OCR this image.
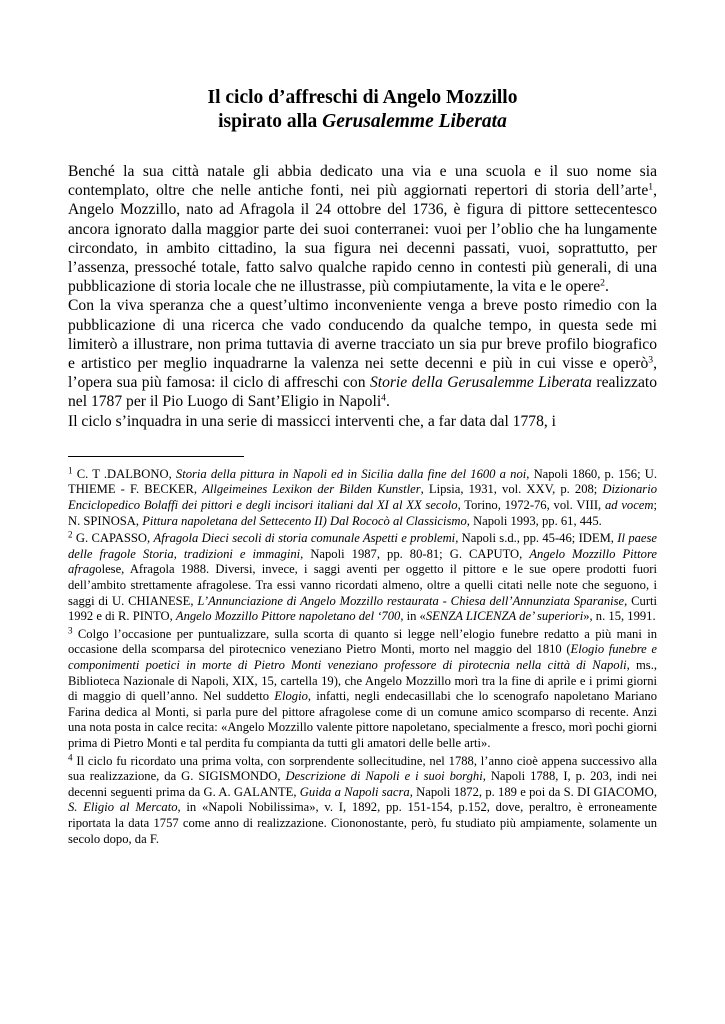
Il ciclo d’affreschi di Angelo Mozzillo
ispirato alla Gerusalemme Liberata

Benché la sua città natale gli abbia dedicato una via e una scuola e il suo nome sia contemplato, oltre che nelle antiche fonti, nei più aggiornati repertori di storia dell’arte$^1$, Angelo Mozzillo, nato ad Afragola il 24 ottobre del 1736, è figura di pittore settecentesco ancora ignorato dalla maggior parte dei suoi conterranei: vuoi per l’oblio che ha lungamente circondato, in ambito cittadino, la sua figura nei decenni passati, vuoi, soprattutto, per l’assenza, pressoché totale, fatto salvo qualche rapido cenno in contesti più generali, di una pubblicazione di storia locale che ne illustrasse, più compiutamente, la vita e le opere$^2$.

Con la viva speranza che a quest’ultimo inconveniente venga a breve posto rimedio con la pubblicazione di una ricerca che vado conducendo da qualche tempo, in questa sede mi limiterò a illustrare, non prima tuttavia di averne tracciato un sia pur breve profilo biografico e artistico per meglio inquadrarne la valenza nei sette decenni e più in cui visse e operò$^3$, l’opera sua più famosa: il ciclo di affreschi con Storie della Gerusalemme Liberata realizzato nel 1787 per il Pio Luogo di Sant’Eligio in Napoli$^4$.

Il ciclo s’inquadra in una serie di massicci interventi che, a far data dal 1778, i

$^1$ C. T .DALBONO, Storia della pittura in Napoli ed in Sicilia dalla fine del 1600 a noi, Napoli 1860, p. 156; U. THIEME - F. BECKER, Allgeimeines Lexikon der Bilden Kunstler, Lipsia, 1931, vol. XXV, p. 208; Dizionario Enciclopedico Bolaffi dei pittori e degli incisori italiani dal XI al XX secolo, Torino, 1972-76, vol. VIII, ad vocem; N. SPINOSA, Pittura napoletana del Settecento II) Dal Rococò al Classicismo, Napoli 1993, pp. 61, 445.

$^2$ G. CAPASSO, Afragola Dieci secoli di storia comunale Aspetti e problemi, Napoli s.d., pp. 45-46; IDEM, Il paese delle fragole Storia, tradizioni e immagini, Napoli 1987, pp. 80-81; G. CAPUTO, Angelo Mozzillo Pittore afragolese, Afragola 1988. Diversi, invece, i saggi aventi per oggetto il pittore e le sue opere prodotti fuori dell’ambito strettamente afragolese. Tra essi vanno ricordati almeno, oltre a quelli citati nelle note che seguono, i saggi di U. CHIANESE, L’Annunciazione di Angelo Mozzillo restaurata - Chiesa dell’Annunziata Sparanise, Curti 1992 e di R. PINTO, Angelo Mozzillo Pittore napoletano del ‘700, in «SENZA LICENZA de’ superiori», n. 15, 1991.

$^3$ Colgo l’occasione per puntualizzare, sulla scorta di quanto si legge nell’elogio funebre redatto a più mani in occasione della scomparsa del pirotecnico veneziano Pietro Monti, morto nel maggio del 1810 (Elogio funebre e componimenti poetici in morte di Pietro Monti veneziano professore di pirotecnia nella città di Napoli, ms., Biblioteca Nazionale di Napoli, XIX, 15, cartella 19), che Angelo Mozzillo morì tra la fine di aprile e i primi giorni di maggio di quell’anno. Nel suddetto Elogio, infatti, negli endecasillabi che lo scenografo napoletano Mariano Farina dedica al Monti, si parla pure del pittore afragolese come di un comune amico scomparso di recente. Anzi una nota posta in calce recita: «Angelo Mozzillo valente pittore napoletano, specialmente a fresco, morì pochi giorni prima di Pietro Monti e tal perdita fu compianta da tutti gli amatori delle belle arti».

$^4$ Il ciclo fu ricordato una prima volta, con sorprendente sollecitudine, nel 1788, l’anno cioè appena successivo alla sua realizzazione, da G. SIGISMONDO, Descrizione di Napoli e i suoi borghi, Napoli 1788, I, p. 203, indi nei decenni seguenti prima da G. A. GALANTE, Guida a Napoli sacra, Napoli 1872, p. 189 e poi da S. DI GIACOMO, S. Eligio al Mercato, in «Napoli Nobilissima», v. I, 1892, pp. 151-154, p.152, dove, peraltro, è erroneamente riportata la data 1757 come anno di realizzazione. Ciononostante, però, fu studiato più ampiamente, solamente un secolo dopo, da F.
